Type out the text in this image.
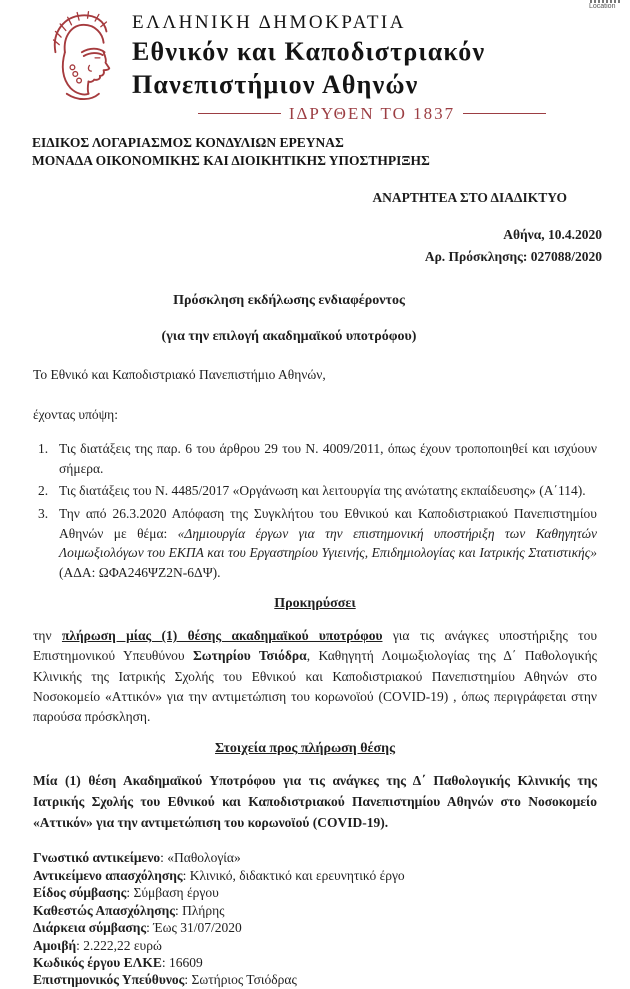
Location
ΕΛΛΗΝΙΚΗ ΔΗΜΟΚΡΑΤΙΑ
Εθνικόν και Καποδιστριακόν
Πανεπιστήμιον Αθηνών
ΙΔΡΥΘΕΝ ΤΟ 1837
ΕΙΔΙΚΟΣ ΛΟΓΑΡΙΑΣΜΟΣ ΚΟΝΔΥΛΙΩΝ ΕΡΕΥΝΑΣ
ΜΟΝΑΔΑ ΟΙΚΟΝΟΜΙΚΗΣ ΚΑΙ ΔΙΟΙΚΗΤΙΚΗΣ ΥΠΟΣΤΗΡΙΞΗΣ
ΑΝΑΡΤΗΤΕΑ ΣΤΟ ΔΙΑΔΙΚΤΥΟ
Αθήνα, 10.4.2020
Αρ. Πρόσκλησης: 027088/2020
Πρόσκληση εκδήλωσης ενδιαφέροντος
(για την επιλογή ακαδημαϊκού υποτρόφου)
Το Εθνικό και Καποδιστριακό Πανεπιστήμιο Αθηνών,
έχοντας υπόψη:
1. Τις διατάξεις της παρ. 6 του άρθρου 29 του Ν. 4009/2011, όπως έχουν τροποποιηθεί και ισχύουν σήμερα.
2. Τις διατάξεις του Ν. 4485/2017 «Οργάνωση και λειτουργία της ανώτατης εκπαίδευσης» (Α΄114).
3. Την από 26.3.2020 Απόφαση της Συγκλήτου του Εθνικού και Καποδιστριακού Πανεπιστημίου Αθηνών με θέμα: «Δημιουργία έργων για την επιστημονική υποστήριξη των Καθηγητών Λοιμωξιολόγων του ΕΚΠΑ και του Εργαστηρίου Υγιεινής, Επιδημιολογίας και Ιατρικής Στατιστικής» (ΑΔΑ: ΩΦΑ246ΨΖ2Ν-6ΔΨ).
Προκηρύσσει
την πλήρωση μίας (1) θέσης ακαδημαϊκού υποτρόφου για τις ανάγκες υποστήριξης του Επιστημονικού Υπευθύνου Σωτηρίου Τσιόδρα, Καθηγητή Λοιμωξιολογίας της Δ΄ Παθολογικής Κλινικής της Ιατρικής Σχολής του Εθνικού και Καποδιστριακού Πανεπιστημίου Αθηνών στο Νοσοκομείο «Αττικόν» για την αντιμετώπιση του κορωνοϊού (COVID-19) , όπως περιγράφεται στην παρούσα πρόσκληση.
Στοιχεία προς πλήρωση θέσης
Μία (1) θέση Ακαδημαϊκού Υποτρόφου για τις ανάγκες της Δ΄ Παθολογικής Κλινικής της Ιατρικής Σχολής του Εθνικού και Καποδιστριακού Πανεπιστημίου Αθηνών στο Νοσοκομείο «Αττικόν» για την αντιμετώπιση του κορωνοϊού (COVID-19).
Γνωστικό αντικείμενο: «Παθολογία»
Αντικείμενο απασχόλησης: Κλινικό, διδακτικό και ερευνητικό έργο
Είδος σύμβασης: Σύμβαση έργου
Καθεστώς Απασχόλησης: Πλήρης
Διάρκεια σύμβασης: Έως 31/07/2020
Αμοιβή: 2.222,22 ευρώ
Κωδικός έργου ΕΛΚΕ: 16609
Επιστημονικός Υπεύθυνος: Σωτήριος Τσιόδρας
